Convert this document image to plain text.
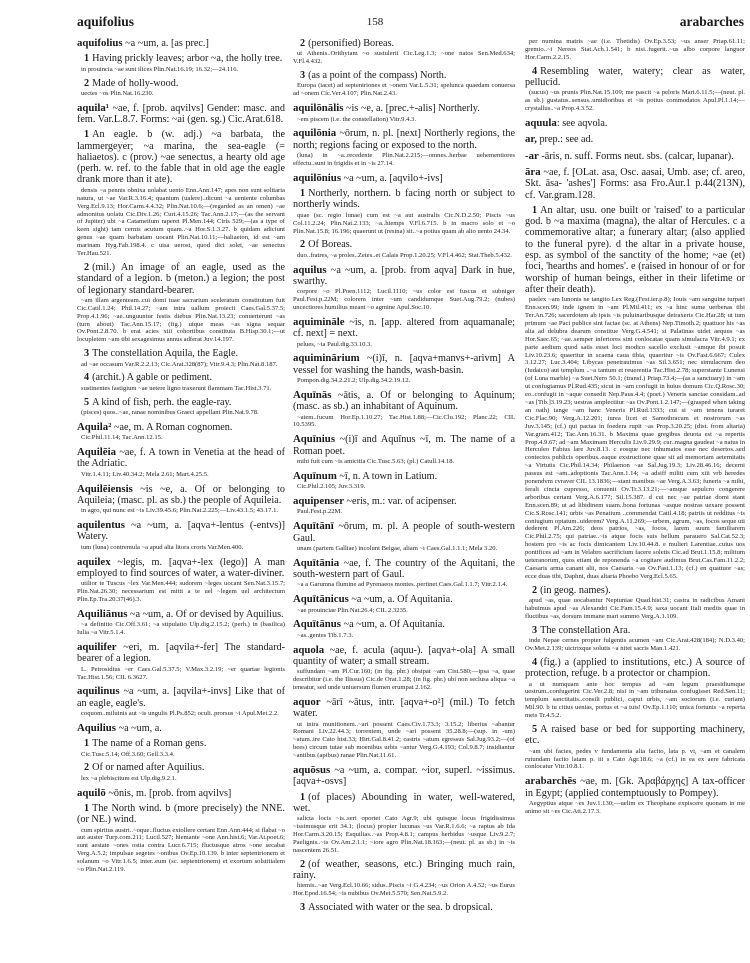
aquifolius	158	arabarches
aquifolius ~a ~um, a. [as prec.]
1 Having prickly leaves; arbor ~a, the holly tree.
in prouincia ~ae sunt ilices Plin.Nat.16.19; 16.32;—24.116.
2 Made of holly-wood.
uectes ~os Plin.Nat.16.230.
aquila¹ ~ae, f. [prob. aqvilvs] Gender: masc. and fem. Var.L.8.7. Forms: ~ai (gen. sg.) Cic.Arat.618.
1 An eagle. b (w. adj.) ~a barbata, the lammergeyer; ~a marina, the sea-eagle (= haliaetos). c (prov.) ~ae senectus, a hearty old age (perh. w. ref. to the fable that in old age the eagle drank more than it ate).
densis ~a pennis obnixa uolabat uento Enn.Ann.147; apes non sunt solitaria natura, ut ~ae Var.R.3.16.4; quantum (ualere)..dicunt ~a ueniente columbas Verg.Ecl.9.13; Hor.Carm.4.4.32; Plin.Nat.10.6;—(regarded as an omen) ~ae admonitus uolatu Cic.Div.1.26; Curt.4.15.26; Tac.Ann.2.17;—(as the servant of Jupiter) ubi ~a Catameitum raperet Pl.Men.144; Ciris 529;—(as a type of keen sight) tam cernis acutum quam..~a Hor.S.1.3.27. b quidam adiciunt genus ~ae quam barbatam uocant Plin.Nat.10.11;—haliaeton, id est ~am marinam Hyg.Fab.198.4. c uisa uerost, quod dici solet, ~ae senectus Ter.Hau.521.
2 (mil.) An image of an eagle, used as the standard of a legion. b (meton.) a legion; the post of legionary standard-bearer.
~am illam argenteam..cui domi tuae sacrarium sceleratum constitutum fuit Cic.Catil.1.24; Phil.14.27; ~am intra uallum proiecit Caes.Gal.5.37.5; Prop.4.1.96; ~ae..unguuntur festis diebus Plin.Nat.13.23; conuerterunt ~as (turn about) Tac.Ann.15.17; (fig.) utque meas ~as signa sequar Ov.Pont.2.8.70. b erat acies xiii cohortibus constituta B.Hisp.30.1;—ut locupletem ~am tibi sexagesimus annus adferat Juv.14.197.
3 The constellation Aquila, the Eagle.
ad ~ae occasum Var.R.2.2.13; Cic.Arat.328(87); Vitr.9.4.3; Plin.Nat.8.187.
4 (archit.) A gable or pediment.
sustinentes fastigium ~ae uetere ligno traxerunt flammam Tac.Hist.3.71.
5 A kind of fish, perh. the eagle-ray.
(pisces) quos..~ae, ranae nominibus Graeci appellant Plin.Nat.9.78.
Aquila² ~ae, m. A Roman cognomen.
Cic.Phil.11.14; Tac.Ann.12.15.
Aquilēia ~ae, f. A town in Venetia at the head of the Adriatic.
Vitr.1.4.11; Liv.40.34.2; Mela 2.61; Mart.4.25.5.
Aquilēiensis ~is ~e, a. Of or belonging to Aquileia; (masc. pl. as sb.) the people of Aquileia.
in agro, qui nunc est ~is Liv.39.45.6; Plin.Nat.2.225;—Liv.43.1.5; 43.17.1.
aquilentus ~a ~um, a. [aqva+-lentus (-entvs)] Watery.
tum (luna) contremula ~a apud alta litora croris Var.Men.400.
aquilex ~legis, m. [aqva+-lex (lego)] A man employed to find sources of water, a water-diviner.
utilior te Tuscus ~lex Var.Men.444; sudorem ~leges uocant Sen.Nat.3.15.7; Plin.Nat.26.30; necessarium est mitti a te uel ~legem uel architectum Plin.Ep.Tra.20.37(46).3.
Aquiliānus ~a ~um, a. Of or devised by Aquilius.
~a definitio Cic.Off.3.61; ~a stipulatio Ulp.dig.2.15.2; (perh.) in (basilica) Iulia ~a Vitr.5.1.4.
aquilifer ~eri, m. [aqvila+-fer] The standard-bearer of a legion.
L. Petrosidius ~er Caes.Gal.5.37.5; V.Max.3.2.19; ~er quartae legionis Tac.Hist.1.56; CIL 6.3627.
aquilinus ~a ~um, a. [aqvila+-invs] Like that of an eagle, eagle's.
coquom..miluinis aut ~is ungulis Pl.Ps.852; oculi..prorsus ~i Apul.Met.2.2.
Aquilius ~a ~um, a.
1 The name of a Roman gens.
Cic.Tusc.5.14; Off.3.60; Gell.3.3.4.
2 Of or named after Aquilius.
lex ~a plebiscitum est Ulp.dig.9.2.1.
aquilō ~ōnis, m. [prob. from aqvilvs]
1 The North wind. b (more precisely) the NNE. (or NE.) wind.
cum spiritus austri..~oque..fluctus extollere certant Enn.Ann.444; si flabat ~o aut auster Turp.com.211; Lucil.527; hiemante ~one Ann.hist.6; Var.At.poet.6; sunt aestate ~ones ostia contra Lucr.6.715; fluctusque atros ~one secabat Verg.A.5.2; impulsae segetes ~onibus Ov.Ep.10.139. b inter septentrionem et solanum ~o Vitr.1.6.5; inter..eum (sc. septentrionem) et exortum solstitialem ~o Plin.Nat.2.119.
2 (personified) Boreas.
ut Athenis..Orithyiam ~o sustulerit Cic.Leg.1.3; ~one natos Sen.Med.634; V.Fl.4.432.
3 (as a point of the compass) North.
Europa (iacet) ad septentriones et ~onem Var.L.5.31; spelunca quaedam conuersa ad ~onem Cic.Ver.4.107; Plin.Nat.2.43.
aquilōnālis ~is ~e, a. [prec.+-alis] Northerly.
~em piscem (i.e. the constellation) Vitr.9.4.3.
aquilōnia ~ōrum, n. pl. [next] Northerly regions, the north; regions facing or exposed to the north.
(luna) in ~a..recedente Plin.Nat.2.215;—omnes..herbae uehementiores effectu..sunt in frigidis et in ~is 27.14.
aquilōnius ~a ~um, a. [aqvilo+-ivs]
1 Northerly, northern. b facing north or subject to northerly winds.
quae (sc. regio lunae) cum est ~a aut australis Cic.N.D.2.50; Piscis ~us Col.11.2.24; Plin.Nat.2.133; ~a..hiemps V.Fl.6.715. b in macro solo et ~o Plin.Nat.15.8; 16.196; quaerunt ut (resina) sit..~a potius quam ab alio uento 24.34.
2 Of Boreas.
duo..fratres, ~a proles..Zetes..et Calais Prop.1.20.25; V.Fl.4.462; Stat.Theb.5.432.
aquilus ~a ~um, a. [prob. from aqva] Dark in hue, swarthy.
corpore ~o Pl.Poen.1112; Lucil.1110; ~us color est fuscus et subniger Paul.Fest.p.22M; colorem inter ~um candidumque Suet.Aug.79.2; (nubes) uncectiores humilius meant ~o agmine Apul.Soc.10.
aquimināle ~is, n. [app. altered from aquamanale; cf. next] = next.
pelues, ~ia Paul.dig.33.10.3.
aquiminārium ~(i)ī, n. [aqva+manvs+-arivm] A vessel for washing the hands, wash-basin.
Pompon.dig.34.2.21.2; Ulp.dig.34.2.19.12.
Aquīnās ~ātis, a. Of or belonging to Aquinum; (masc. as sb.) an inhabitant of Aquinum.
~atem..fucum Hor.Ep.1.10.27; Tac.Hist.1.88;—Cic.Clu.192; Planc.22; CIL 10.5395.
Aquīnius ~(i)ī and Aquīnus ~ī, m. The name of a Roman poet.
mihi fuit cum ~is amicitia Cic.Tusc.5.63; (pl.) Catull.14.18.
Aquīnum ~ī, n. A town in Latium.
Cic.Phil.2.105; Juv.3.319.
aquipenser ~eris, m.: var. of acipenser.
Paul.Fest.p.22M.
Aquītānī ~ōrum, m. pl. A people of south-western Gaul.
unam (partem Galliae) incolunt Belgae, aliam ~i Caes.Gal.1.1.1; Mela 3.20.
Aquītānia ~ae, f. The country of the Aquitani, the south-western part of Gaul.
~a a Garumna flumine ad Pyrenaeos montes..pertinet Caes.Gal.1.1.7; Vitr.2.1.4.
Aquītānicus ~a ~um, a. Of Aquitania.
~ae prouinciae Plin.Nat.26.4; CIL 2.3235.
Aquītānus ~a ~um, a. Of Aquitania.
~as..gentes Tib.1.7.3.
aquola ~ae, f. acula (aquu-). [aqva+-ola] A small quantity of water; a small stream.
suffundam ~am Pl.Cur.160; (in fig. phr.) obsipat ~am Cist.580;—ipsa ~a, quae describitur (i.e. the Ilissus) Cic.de Orat.1.28; (in fig. phr.) ubi non seclusa aliqua ~a teneatur, sed unde uniuersum flumen erumpat 2.162.
aquor ~ārī ~ātus, intr. [aqva+-o²] (mil.) To fetch water.
ut intra munitionem..~ari possent Caes.Civ.1.73.3; 3.15.2; liberius ~abantur Romani Liv.22.44.3; torrentem, unde ~ari possent 35.28.8;—(sup. in -um) ~atum..ire Cato hist.33; Hirt.Gal.8.41.2; castris ~atum egressus Sal.Jug.93.2;—(of bees) circum tutae sub moenibus urbis ~antur Verg.G.4.193; Col.9.8.7; insidiantur ~antibus (apibus) ranae Plin.Nat.11.61.
aquōsus ~a ~um, a. compar. ~ior, superl. ~issimus. [aqva+-osvs]
1 (of places) Abounding in water, well-watered, wet.
salicta locis ~is..seri oportet Cato Agr.9; ubi quisque locus frigidissimus ~issimusque erit 34.1; (locus) propter lucunas ~us Var.R.1.6.6; ~a raptus ab Ida Hor.Carm.3.20.15; Esquilias..~as Prop.4.8.1; campus herbidus ~usque Liv.9.2.7; Paelignis..~is Ov.Am.2.1.1; ~iore agro Plin.Nat.18.163;—(neut. pl. as sb.) in ~is nascentem 26.51.
2 (of weather, seasons, etc.) Bringing much rain, rainy.
hiemis..~ae Verg.Ecl.10.66; sidus..Piscis ~i G.4.234; ~us Orion A.4.52; ~us Eurus Hor.Epod.16.54; ~is nubibus Ov.Met.5.570; Sen.Nat.5.9.2.
3 Associated with water or the sea. b dropsical.
per numina matris ~ae (i.e. Thetidis) Ov.Ep.3.53; ~us anser Priap.61.11; gremio..~i Nereos Stat.Ach.1.541; b nisi..fugerit..~us albo corpore languor Hor.Carm.2.2.15.
4 Resembling water, watery; clear as water, pellucid.
(sucus) ~us prunis Plin.Nat.15.109; me pascit ~a peloris Mart.6.11.5;—(neut. pl. as sb.) gustatus..sensus..umidioribus et ~is potius commodatos Apul.Pl.1.14;—crystallus..~a Prop.4.3.52.
aquula: see aqvola.
ar, prep.: see ad.
-ar -āris, n. suff. Forms neut. sbs. (calcar, lupanar).
āra ~ae, f. [OLat. asa, Osc. aasai, Umb. ase; cf. areo, Skt. āsa- 'ashes'] Forms: asa Fro.Aur.1 p.44(213N), cf. Var.gram.128.
1 An altar, usu. one built or 'raised' to a particular god. b ~a maxima (magna), the altar of Hercules. c a commemorative altar; a funerary altar; (also applied to the funeral pyre). d the altar in a private house, esp. as symbol of the sanctity of the home; ~ae (et) foci, 'hearths and homes'. e (raised in honour of or for worship of human beings, either in their lifetime or after their death).
paelex ~am Iunonis ne tangito Lex Reg.(Fest.ier.p.8); Iouis ~am sanguine turpari Enn.scen.99; inde ignem in ~am Pl.Mil.411; ex ~a hinc sume uerbenas tibi Ter.An.726; sacerdotem ab ipsis ~is puluinaribusque detraxeris Cic.Har.28; ut tum primum ~ae Paci publice sint factae (sc. at Athens) Nep.Timoth.2; quattuor his ~as alta ad delubra dearum constitue Verg.G.4.541; si Palatinas uidet aequus ~as Hor.Saec.65; ~ae..semper inferiores sint conlocatae quam simulacra Vitr.4.9.1; ex parte aedium quod satis esset loci modico sacello exclusit ~amque ibi posuit Liv.10.23.6; quaeritur in scaena caua tibia, quaeritur ~is Ov.Fast.6.667; Culex 3.12.27; Luc.3.404; Libycas penetrauimus ~as Sil.3.651; nec simulacrum deo (Iudaico) aut templum ..~a tantum et reuerentia Tac.Hist.2.78; superstante Lunensi (of Luna marble) ~a Suet.Nero 50.1; (transf.) Priap.73.4;—(as a sanctuary) in ~am ut confugiamus Pl.Rud.435; sicut in ~am confugit in huius domum Cic.Q.Rosc.30; eo..confugit in ~aque consedit Nep.Paus.4.4; (poet.) Veneris sanctae considam..ad ~as [Tib.]3.19.23; uestras amplectitur ~as Ov.Pont.1.2.147;—(grasped when taking an oath) tange ~am hanc Veneris Pl.Rud.1333; cui si ~am tenens iuraret Cic.Flac.90; Verg.A.12.201; iurea licet et Samothracum et nostrorum ~as Juv.3.145; (cf.) qui pactas in foedera rupit ~as Prop.3.20.25; (dist. from altaria) Var.gram.412; Tac.Ann.16.31. b Maxima quae gregibus deuota est ~a repertis Prop.4.9.67; ad ~am Maximam Herculis Liv.9.29.9; cur..magna gaudeat ~a natus in Herculeo Fabius lare Juv.8.13. c eosque nec inhumatos esse nec desertos..sed contectos publicis operibus..eaque exstructione quae sit ad memoriam aeternitatis ~a Virtutis Cic.Phil.14.34; Philaenon ~ae Sal.Jug.19.3; Liv.28.46.16; decerni passus est ~am..adoptionis Tac.Ann.1.14; ~a adsiff militi cum xiii vrb heredes ponendvm cvraver CIL 13.1836;—stant manibus ~ae Verg.A.3.63; funeris ~a mihi, ferali cincta cupresso, conuenit Ov.Tr.3.13.21;—~amque sepulcro congerere arboribus certant Verg.A.6.177; Sil.15.387. d cui nec ~ae patriae domi stant Enn.scen.89; ut ad libidinem suam..bona fortunas ~asque nostras uexare possent Cic.S.Rosc.141; urbis ~as Penatium ..commendat Catil.4.18; patriis ut redditus ~is coniugium optatum..uiderem? Verg.A.11.269;—urbem, agrum, ~as, focos seque uti dederent Pl.Am.226; deos patrios, ~as, focos, larem suum familiarem Cic.Phil.2.75; qui patriae..~is atque focis suis bellum parauero Sal.Cat.52.3; hostem pro ~is ac focis dimicantem Liv.10.44.8. e mulieri Larentiae..cuius uos pontifices ad ~am in Velabro sacrificium facere soletis Cic.ad Brut.1.15.8; militum ueteranorum, quos etiam de reponenda ~a cogitare audimus Brut.Cas.Fam.11.2.2; Caesaris arma canant alii, nos Caesaris ~as Ov.Fast.1.13; (cf.) en quattuor ~as; ecce duas tibi, Daphni, duas altaria Phoebo Verg.Ecl.5.65.
2 (in geog. names).
apud ~as, quae uocabantur Neptuniae Quad.hist.31; castra in radicibus Amani habuimus apud ~as Alexandri Cic.Fam.15.4.9; saxa uocant Itali mediis quae in fluctibus ~as, dorsum immane mari summo Verg.A.1.109.
3 The constellation Ara.
inde Nepae cernes propter fulgentis acumen ~am Cic.Arat.428(184); N.D.3.40; Ov.Met.2.139; uictrixque solutis ~a nitet sacris Man.1.421.
4 (fig.) a (applied to institutions, etc.) A source of protection, refuge. b a protector or champion.
a ut numquam ante hoc tempus ad ~am legum praesidiumque uestrum..confugerint Cic.Ver.2.8; nisi in ~am tribunatus confugisset Red.Sen.11; templum sanctitatis..consili publici, caput urbis, ~am sociorum (i.e. curiam) Mil.90. b tu citius uenias, portus et ~a tuis! Ov.Ep.1.110; unica fortunis ~a reperta meis Tr.4.5.2.
5 A raised base or bed for supporting machinery, etc.
~am ubi facies, pedes v fundamenta alta facito, lata p. vi, ~am et canalem rutundam facito latam p. iii s Cato Agr.18.6; ~a (cf.) in ea ex aere fabricata conlocatur Vitr.10.8.1.
arabarchēs ~ae, m. [Gk. Ἀραβάρχης] A tax-officer in Egypt; (applied contemptuously to Pompey).
Aegyptius atque ~es Juv.1.130;—uelim ex Theophane expiscere quonam in me animo sit ~es Cic.Att.2.17.3.
